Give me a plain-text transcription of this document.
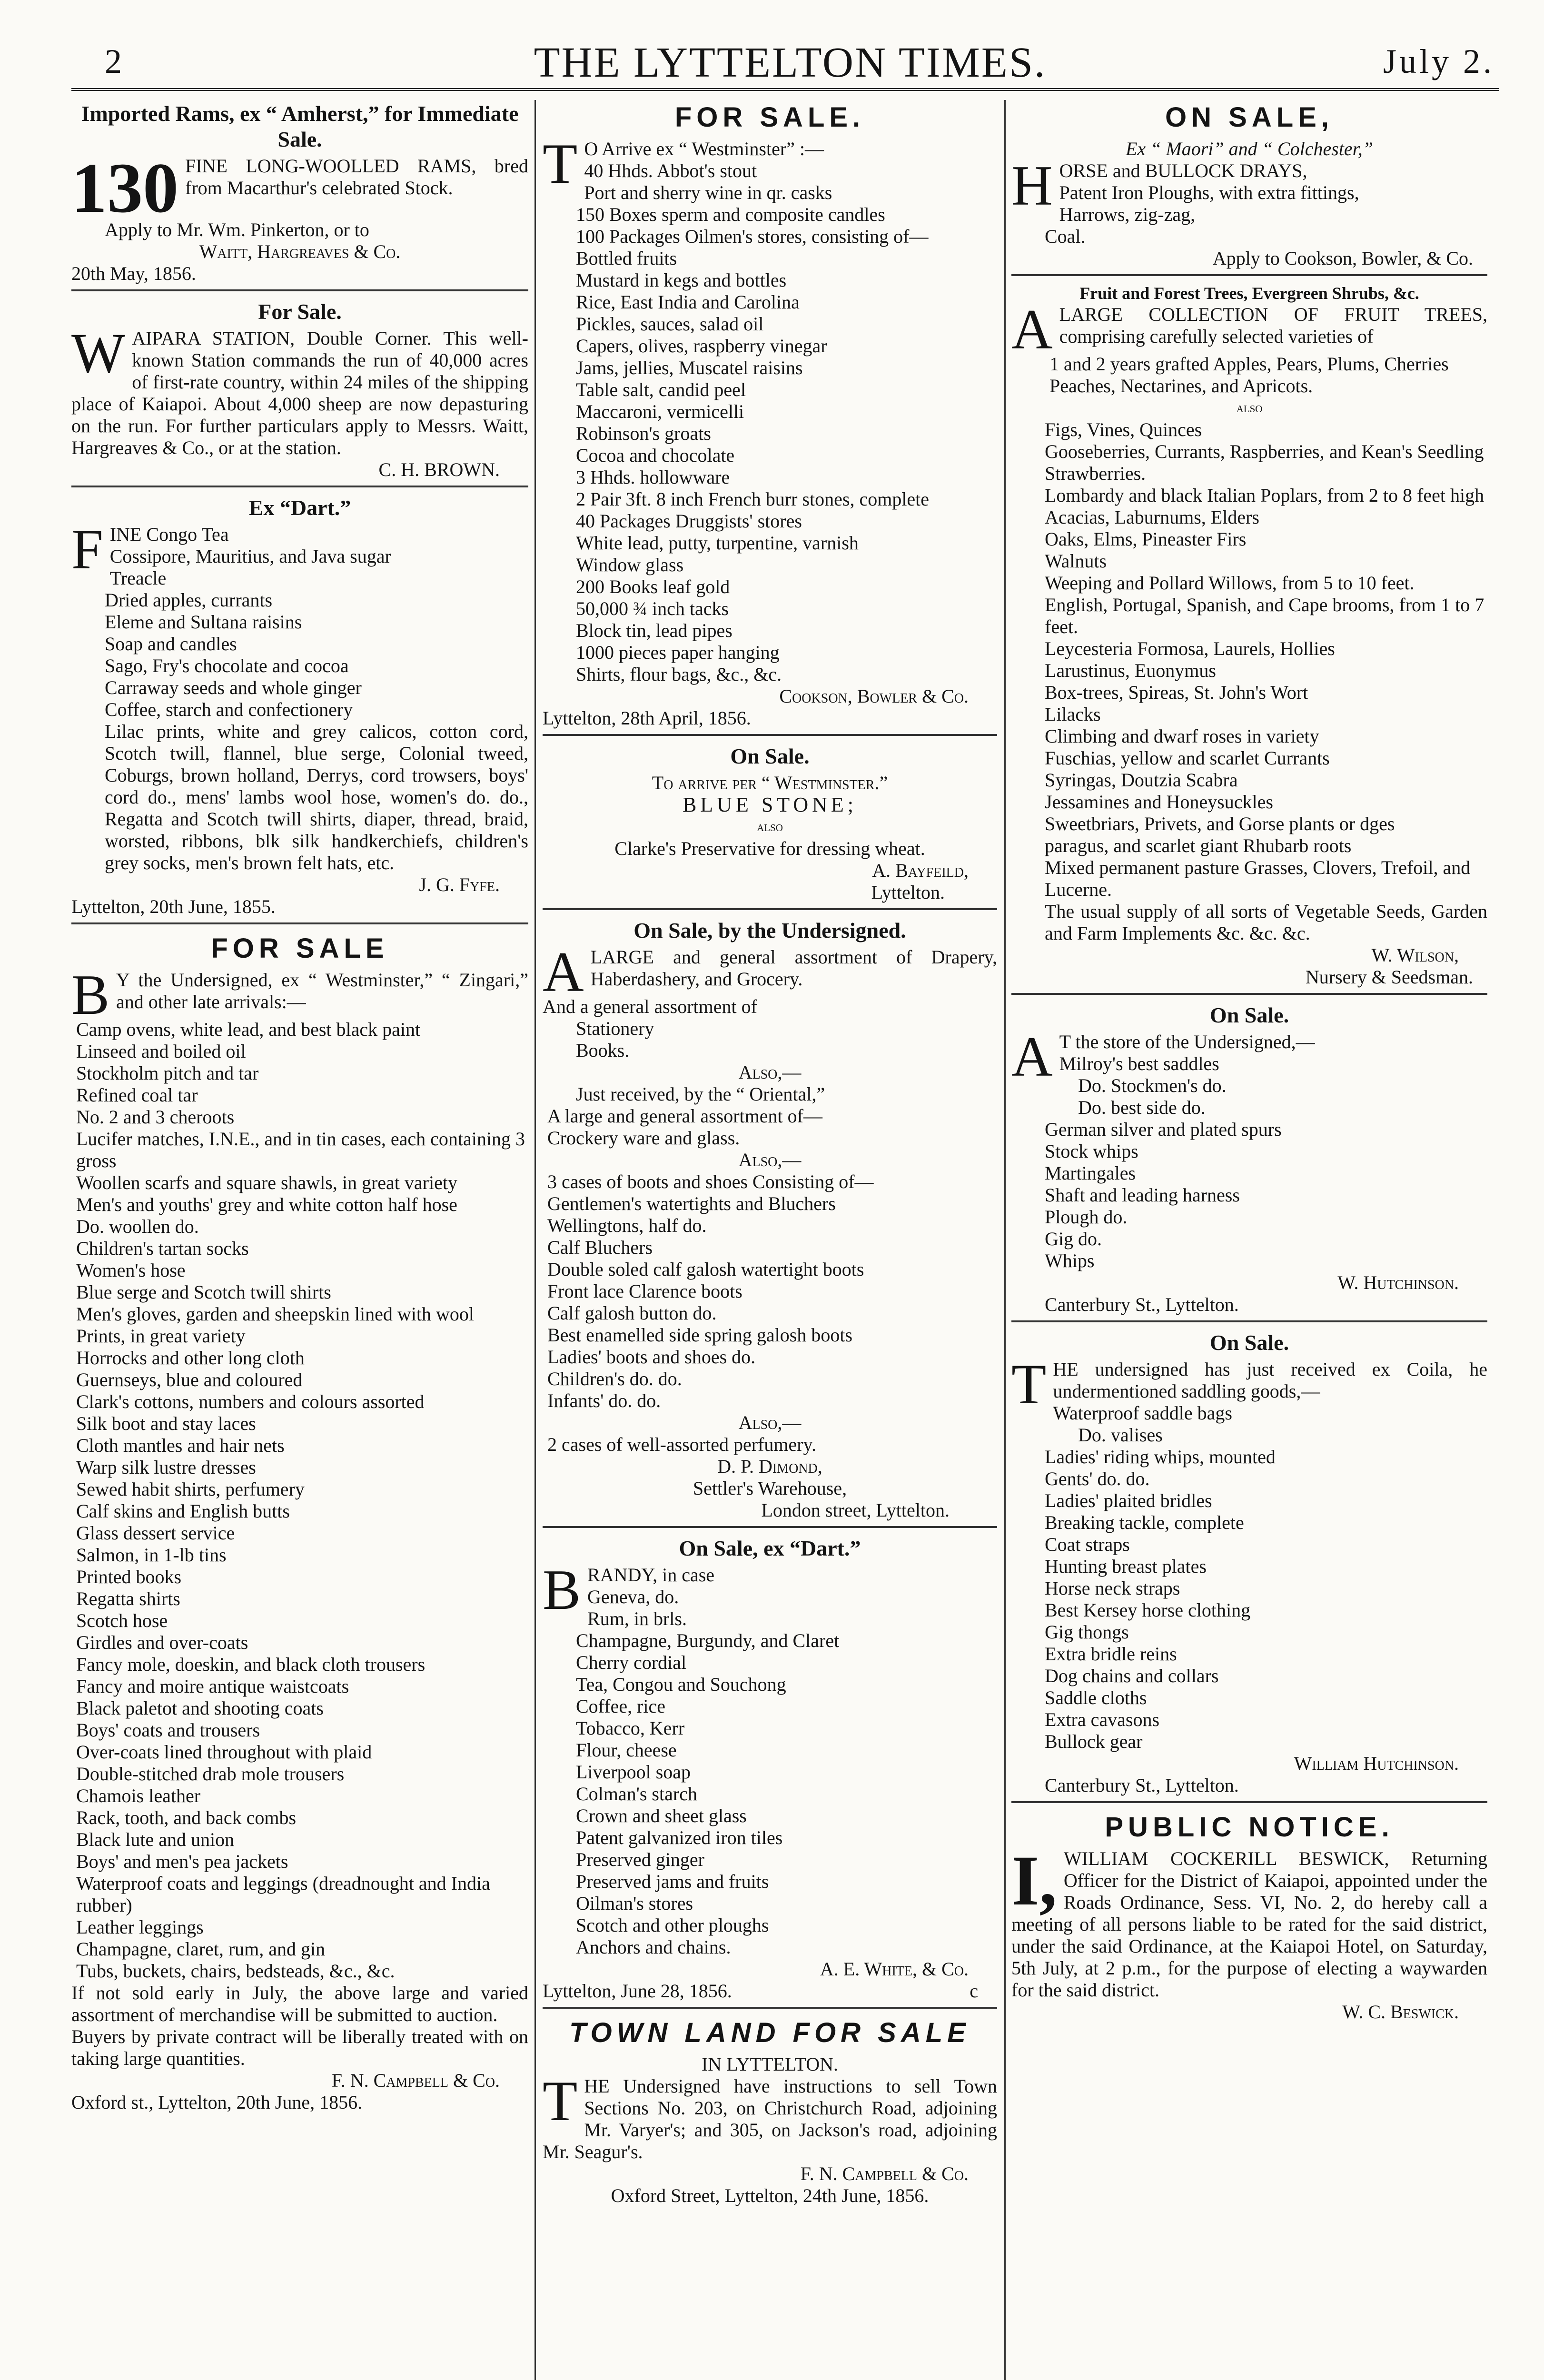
2	THE LYTTELTON TIMES.	July 2.
Imported Rams, ex “ Amherst,” for Immediate Sale.
130 FINE LONG-WOOLLED RAMS, bred from Macarthur's celebrated Stock.
Apply to Mr. Wm. Pinkerton, or to
Waitt, Hargreaves & Co.
20th May, 1856.
For Sale.
W AIPARA STATION, Double Corner. This well-known Station commands the run of 40,000 acres of first-rate country, within 24 miles of the shipping place of Kaiapoi. About 4,000 sheep are now depasturing on the run. For further particulars apply to Messrs. Waitt, Hargreaves & Co., or at the station.
C. H. BROWN.
Ex “Dart.”
F INE Congo Tea
Cossipore, Mauritius, and Java sugar
Treacle
Dried apples, currants
Eleme and Sultana raisins
Soap and candles
Sago, Fry's chocolate and cocoa
Carraway seeds and whole ginger
Coffee, starch and confectionery
Lilac prints, white and grey calicos, cotton cord, Scotch twill, flannel, blue serge, Colonial tweed, Coburgs, brown holland, Derrys, cord trowsers, boys' cord do., mens' lambs wool hose, women's do. do., Regatta and Scotch twill shirts, diaper, thread, braid, worsted, ribbons, blk silk handkerchiefs, children's grey socks, men's brown felt hats, etc.
J. G. Fyfe.
Lyttelton, 20th June, 1855.
FOR SALE
B Y the Undersigned, ex “ Westminster,” “ Zingari,” and other late arrivals:—
Camp ovens, white lead, and best black paint
Linseed and boiled oil
Stockholm pitch and tar
Refined coal tar
No. 2 and 3 cheroots
Lucifer matches, I.N.E., and in tin cases, each containing 3 gross
Woollen scarfs and square shawls, in great variety
Men's and youths' grey and white cotton half hose
Do. woollen do.
Children's tartan socks
Women's hose
Blue serge and Scotch twill shirts
Men's gloves, garden and sheepskin lined with wool
Prints, in great variety
Horrocks and other long cloth
Guernseys, blue and coloured
Clark's cottons, numbers and colours assorted
Silk boot and stay laces
Cloth mantles and hair nets
Warp silk lustre dresses
Sewed habit shirts, perfumery
Calf skins and English butts
Glass dessert service
Salmon, in 1-lb tins
Printed books
Regatta shirts
Scotch hose
Girdles and over-coats
Fancy mole, doeskin, and black cloth trousers
Fancy and moire antique waistcoats
Black paletot and shooting coats
Boys' coats and trousers
Over-coats lined throughout with plaid
Double-stitched drab mole trousers
Chamois leather
Rack, tooth, and back combs
Black lute and union
Boys' and men's pea jackets
Waterproof coats and leggings (dreadnought and India rubber)
Leather leggings
Champagne, claret, rum, and gin
Tubs, buckets, chairs, bedsteads, &c., &c.
If not sold early in July, the above large and varied assortment of merchandise will be submitted to auction.
Buyers by private contract will be liberally treated with on taking large quantities.
F. N. Campbell & Co.
Oxford st., Lyttelton, 20th June, 1856.
FOR SALE.
T O Arrive ex “ Westminster” :—
40 Hhds. Abbot's stout
Port and sherry wine in qr. casks
150 Boxes sperm and composite candles
100 Packages Oilmen's stores, consisting of—
Bottled fruits
Mustard in kegs and bottles
Rice, East India and Carolina
Pickles, sauces, salad oil
Capers, olives, raspberry vinegar
Jams, jellies, Muscatel raisins
Table salt, candid peel
Maccaroni, vermicelli
Robinson's groats
Cocoa and chocolate
3 Hhds. hollowware
2 Pair 3ft. 8 inch French burr stones, complete
40 Packages Druggists' stores
White lead, putty, turpentine, varnish
Window glass
200 Books leaf gold
50,000 ¾ inch tacks
Block tin, lead pipes
1000 pieces paper hanging
Shirts, flour bags, &c., &c.
Cookson, Bowler & Co.
Lyttelton, 28th April, 1856.
On Sale.
To arrive per “ Westminster.”
BLUE STONE;
also
Clarke's Preservative for dressing wheat.
A. Bayfeild,
Lyttelton.
On Sale, by the Undersigned.
A LARGE and general assortment of Drapery, Haberdashery, and Grocery.
And a general assortment of
Stationery
Books.
Also,—
Just received, by the “ Oriental,”
A large and general assortment of—
Crockery ware and glass.
Also,—
3 cases of boots and shoes Consisting of—
Gentlemen's watertights and Bluchers
Wellingtons, half do.
Calf Bluchers
Double soled calf galosh watertight boots
Front lace Clarence boots
Calf galosh button do.
Best enamelled side spring galosh boots
Ladies' boots and shoes do.
Children's do. do.
Infants' do. do.
Also,—
2 cases of well-assorted perfumery.
D. P. Dimond,
Settler's Warehouse,
London street, Lyttelton.
On Sale, ex “Dart.”
B RANDY, in case
Geneva, do.
Rum, in brls.
Champagne, Burgundy, and Claret
Cherry cordial
Tea, Congou and Souchong
Coffee, rice
Tobacco, Kerr
Flour, cheese
Liverpool soap
Colman's starch
Crown and sheet glass
Patent galvanized iron tiles
Preserved ginger
Preserved jams and fruits
Oilman's stores
Scotch and other ploughs
Anchors and chains.
A. E. White, & Co.
Lyttelton, June 28, 1856.	c
TOWN LAND FOR SALE
IN LYTTELTON.
T HE Undersigned have instructions to sell Town Sections No. 203, on Christchurch Road, adjoining Mr. Varyer's; and 305, on Jackson's road, adjoining Mr. Seagur's.
F. N. Campbell & Co.
Oxford Street, Lyttelton, 24th June, 1856.
ON SALE,
Ex “ Maori” and “ Colchester,”
H ORSE and BULLOCK DRAYS,
Patent Iron Ploughs, with extra fittings,
Harrows, zig-zag,
Coal.
Apply to Cookson, Bowler, & Co.
Fruit and Forest Trees, Evergreen Shrubs, &c.
A LARGE COLLECTION OF FRUIT TREES, comprising carefully selected varieties of
1 and 2 years grafted Apples, Pears, Plums, Cherries
Peaches, Nectarines, and Apricots.
also
Figs, Vines, Quinces
Gooseberries, Currants, Raspberries, and Kean's Seedling Strawberries.
Lombardy and black Italian Poplars, from 2 to 8 feet high
Acacias, Laburnums, Elders
Oaks, Elms, Pineaster Firs
Walnuts
Weeping and Pollard Willows, from 5 to 10 feet.
English, Portugal, Spanish, and Cape brooms, from 1 to 7 feet.
Leycesteria Formosa, Laurels, Hollies
Larustinus, Euonymus
Box-trees, Spireas, St. John's Wort
Lilacks
Climbing and dwarf roses in variety
Fuschias, yellow and scarlet Currants
Syringas, Doutzia Scabra
Jessamines and Honeysuckles
Sweetbriars, Privets, and Gorse plants or dges
paragus, and scarlet giant Rhubarb roots
Mixed permanent pasture Grasses, Clovers, Trefoil, and Lucerne.
The usual supply of all sorts of Vegetable Seeds, Garden and Farm Implements &c. &c. &c.
W. Wilson,
Nursery & Seedsman.
On Sale.
A T the store of the Undersigned,—
Milroy's best saddles
Do. Stockmen's do.
Do. best side do.
German silver and plated spurs
Stock whips
Martingales
Shaft and leading harness
Plough do.
Gig do.
Whips
W. Hutchinson.
Canterbury St., Lyttelton.
On Sale.
T HE undersigned has just received ex Coila, he undermentioned saddling goods,—
Waterproof saddle bags
Do. valises
Ladies' riding whips, mounted
Gents' do. do.
Ladies' plaited bridles
Breaking tackle, complete
Coat straps
Hunting breast plates
Horse neck straps
Best Kersey horse clothing
Gig thongs
Extra bridle reins
Dog chains and collars
Saddle cloths
Extra cavasons
Bullock gear
William Hutchinson.
Canterbury St., Lyttelton.
PUBLIC NOTICE.
I, WILLIAM COCKERILL BESWICK, Returning Officer for the District of Kaiapoi, appointed under the Roads Ordinance, Sess. VI, No. 2, do hereby call a meeting of all persons liable to be rated for the said district, under the said Ordinance, at the Kaiapoi Hotel, on Saturday, 5th July, at 2 p.m., for the purpose of electing a waywarden for the said district.
W. C. Beswick.
